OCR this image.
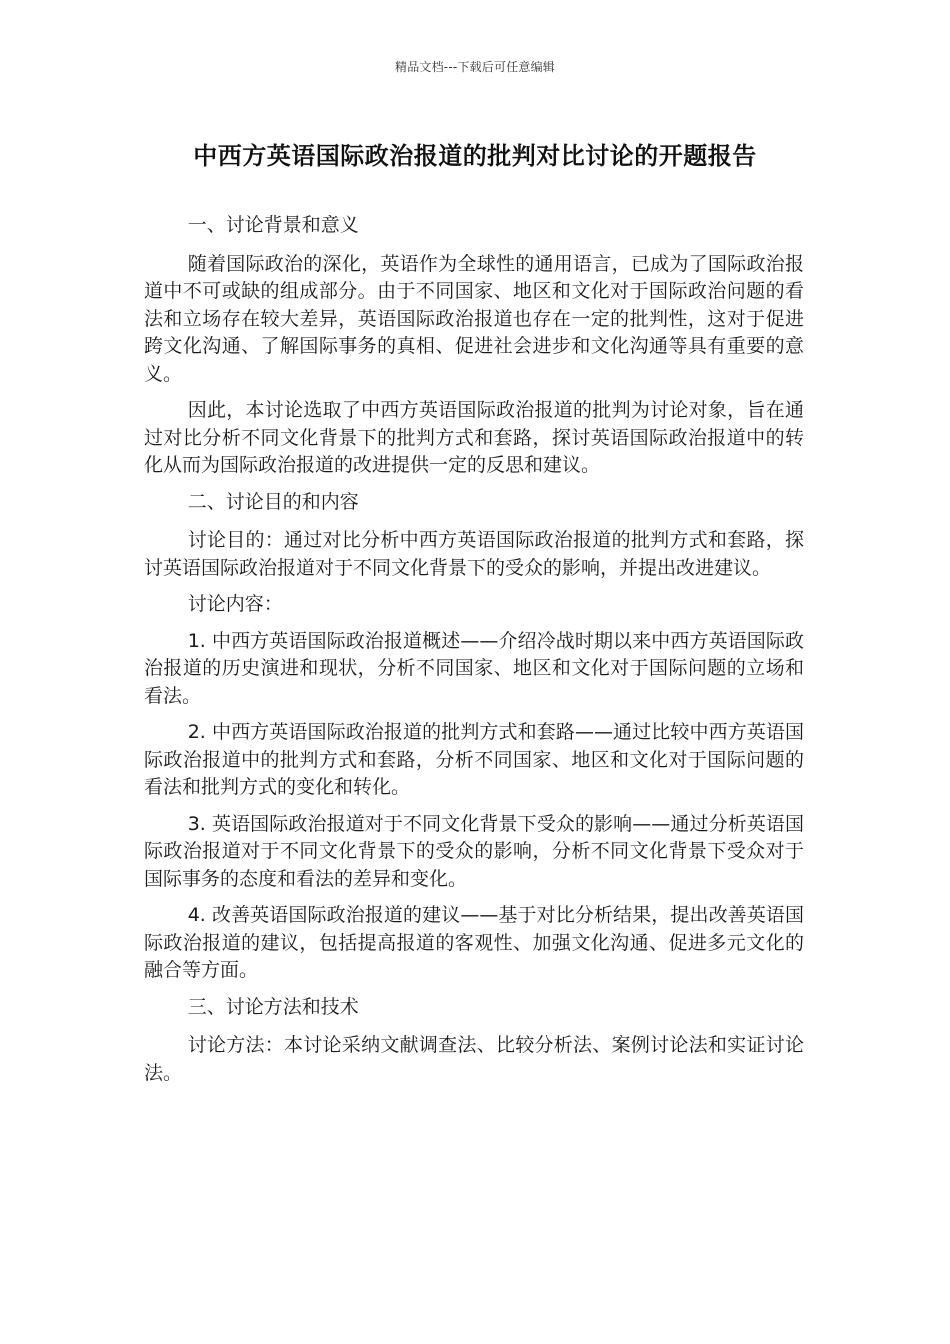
精品文档---下载后可任意编辑
中西方英语国际政治报道的批判对比讨论的开题报告

一、讨论背景和意义

随着国际政治的深化，英语作为全球性的通用语言，已成为了国际政治报道中不可或缺的组成部分。由于不同国家、地区和文化对于国际政治问题的看法和立场存在较大差异，英语国际政治报道也存在一定的批判性，这对于促进跨文化沟通、了解国际事务的真相、促进社会进步和文化沟通等具有重要的意义。

因此，本讨论选取了中西方英语国际政治报道的批判为讨论对象，旨在通过对比分析不同文化背景下的批判方式和套路，探讨英语国际政治报道中的转化从而为国际政治报道的改进提供一定的反思和建议。

二、讨论目的和内容

讨论目的：通过对比分析中西方英语国际政治报道的批判方式和套路，探讨英语国际政治报道对于不同文化背景下的受众的影响，并提出改进建议。

讨论内容：

1. 中西方英语国际政治报道概述——介绍冷战时期以来中西方英语国际政治报道的历史演进和现状，分析不同国家、地区和文化对于国际问题的立场和看法。

2. 中西方英语国际政治报道的批判方式和套路——通过比较中西方英语国际政治报道中的批判方式和套路，分析不同国家、地区和文化对于国际问题的看法和批判方式的变化和转化。

3. 英语国际政治报道对于不同文化背景下受众的影响——通过分析英语国际政治报道对于不同文化背景下的受众的影响，分析不同文化背景下受众对于国际事务的态度和看法的差异和变化。

4. 改善英语国际政治报道的建议——基于对比分析结果，提出改善英语国际政治报道的建议，包括提高报道的客观性、加强文化沟通、促进多元文化的融合等方面。

三、讨论方法和技术

讨论方法：本讨论采纳文献调查法、比较分析法、案例讨论法和实证讨论法。
